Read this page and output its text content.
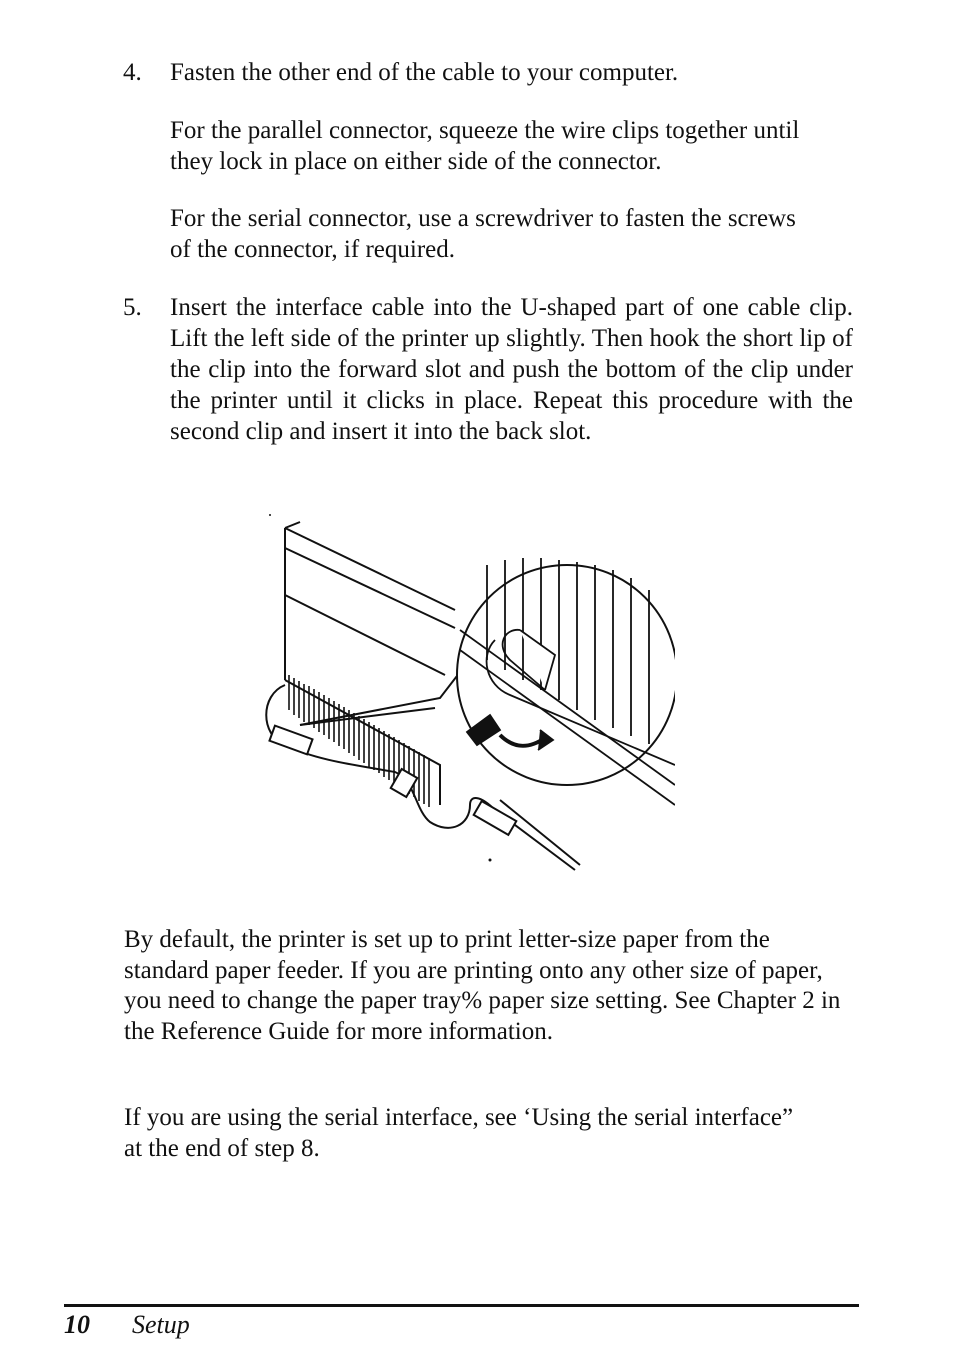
4.	Fasten the other end of the cable to your computer.

For the parallel connector, squeeze the wire clips together until they lock in place on either side of the connector.

For the serial connector, use a screwdriver to fasten the screws of the connector, if required.

5.	Insert the interface cable into the U-shaped part of one cable clip. Lift the left side of the printer up slightly. Then hook the short lip of the clip into the forward slot and push the bottom of the clip under the printer until it clicks in place. Repeat this procedure with the second clip and insert it into the back slot.

By default, the printer is set up to print letter-size paper from the standard paper feeder. If you are printing onto any other size of paper, you need to change the paper tray% paper size setting. See Chapter 2 in the Reference Guide for more information.

If you are using the serial interface, see ‘Using the serial interface” at the end of step 8.

10 Setup
